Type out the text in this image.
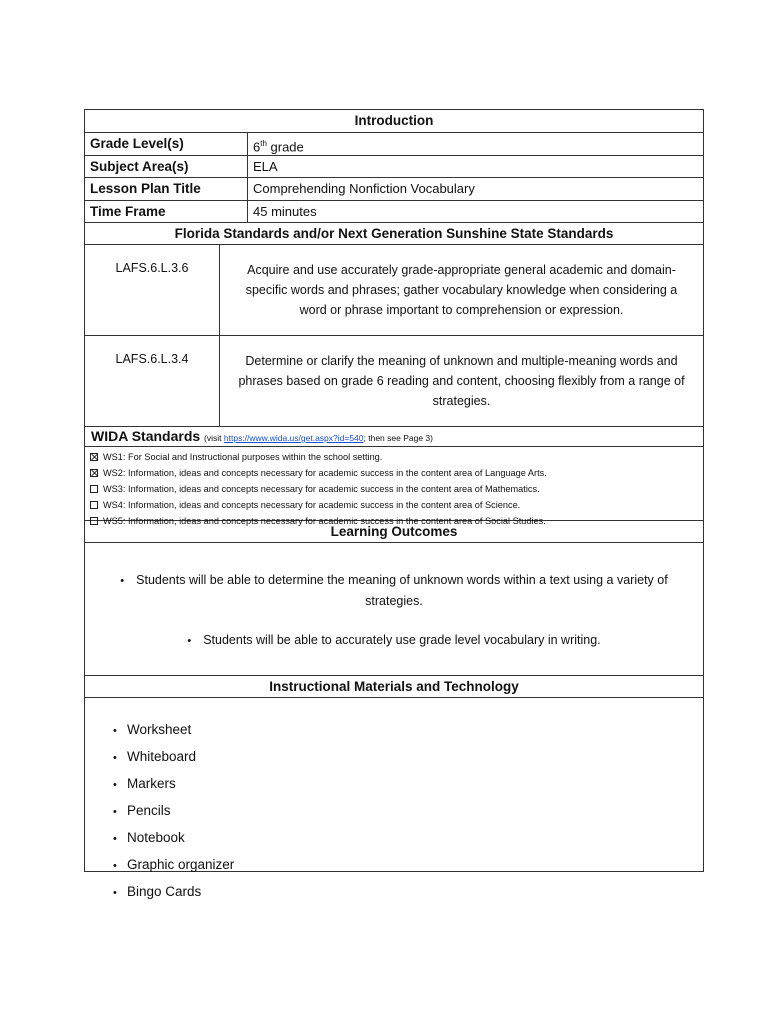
Introduction
Grade Level(s)	6th grade
Subject Area(s)	ELA
Lesson Plan Title	Comprehending Nonfiction Vocabulary
Time Frame	45 minutes
Florida Standards and/or Next Generation Sunshine State Standards
LAFS.6.L.3.6	Acquire and use accurately grade-appropriate general academic and domain-specific words and phrases; gather vocabulary knowledge when considering a word or phrase important to comprehension or expression.
LAFS.6.L.3.4	Determine or clarify the meaning of unknown and multiple-meaning words and phrases based on grade 6 reading and content, choosing flexibly from a range of strategies.
WIDA Standards (visit https://www.wida.us/get.aspx?id=540; then see Page 3)
WS1: For Social and Instructional purposes within the school setting.
WS2: Information, ideas and concepts necessary for academic success in the content area of Language Arts.
WS3: Information, ideas and concepts necessary for academic success in the content area of Mathematics.
WS4: Information, ideas and concepts necessary for academic success in the content area of Science.
WS5: Information, ideas and concepts necessary for academic success in the content area of Social Studies.
Learning Outcomes
• Students will be able to determine the meaning of unknown words within a text using a variety of strategies.
• Students will be able to accurately use grade level vocabulary in writing.
Instructional Materials and Technology
• Worksheet
• Whiteboard
• Markers
• Pencils
• Notebook
• Graphic organizer
• Bingo Cards
